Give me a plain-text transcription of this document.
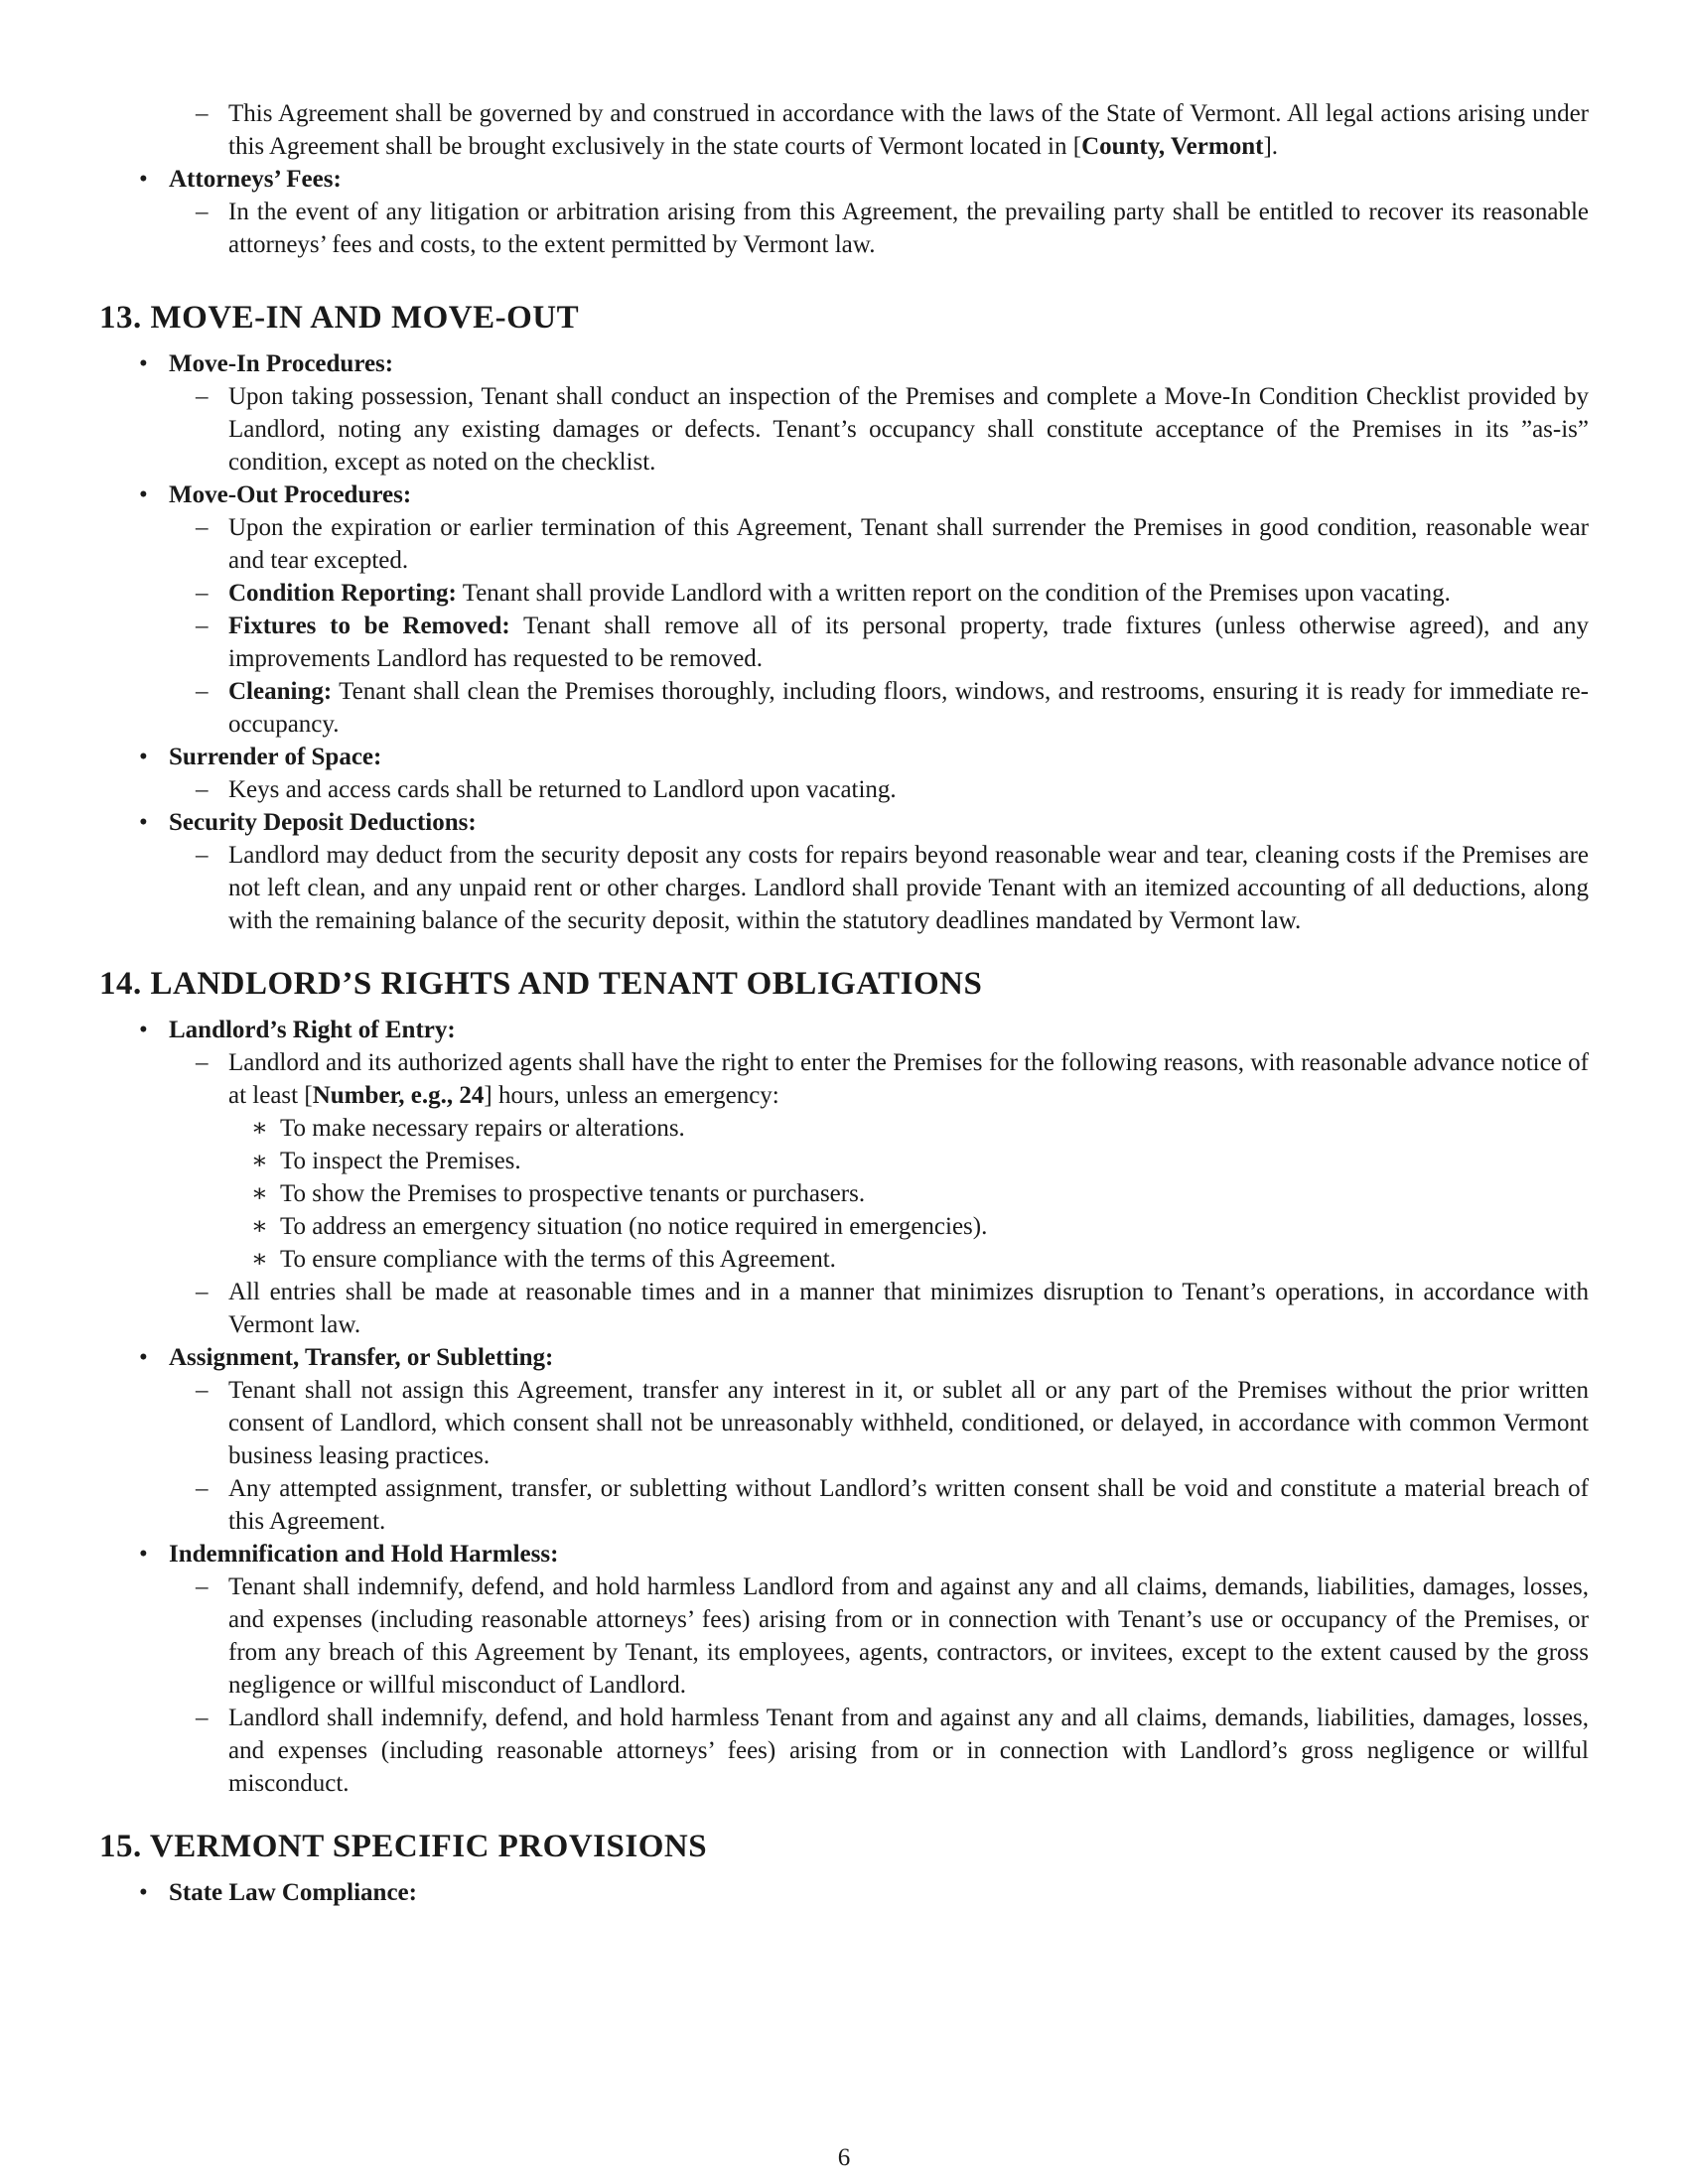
– This Agreement shall be governed by and construed in accordance with the laws of the State of Vermont. All legal actions arising under this Agreement shall be brought exclusively in the state courts of Vermont located in [County, Vermont].
• Attorneys’ Fees:
– In the event of any litigation or arbitration arising from this Agreement, the prevailing party shall be entitled to recover its reasonable attorneys’ fees and costs, to the extent permitted by Vermont law.
13. MOVE-IN AND MOVE-OUT
• Move-In Procedures:
– Upon taking possession, Tenant shall conduct an inspection of the Premises and complete a Move-In Condition Checklist provided by Landlord, noting any existing damages or defects. Tenant’s occupancy shall constitute acceptance of the Premises in its ”as-is” condition, except as noted on the checklist.
• Move-Out Procedures:
– Upon the expiration or earlier termination of this Agreement, Tenant shall surrender the Premises in good condition, reasonable wear and tear excepted.
– Condition Reporting: Tenant shall provide Landlord with a written report on the condition of the Premises upon vacating.
– Fixtures to be Removed: Tenant shall remove all of its personal property, trade fixtures (unless otherwise agreed), and any improvements Landlord has requested to be removed.
– Cleaning: Tenant shall clean the Premises thoroughly, including floors, windows, and restrooms, ensuring it is ready for immediate re-occupancy.
• Surrender of Space:
– Keys and access cards shall be returned to Landlord upon vacating.
• Security Deposit Deductions:
– Landlord may deduct from the security deposit any costs for repairs beyond reasonable wear and tear, cleaning costs if the Premises are not left clean, and any unpaid rent or other charges. Landlord shall provide Tenant with an itemized accounting of all deductions, along with the remaining balance of the security deposit, within the statutory deadlines mandated by Vermont law.
14. LANDLORD’S RIGHTS AND TENANT OBLIGATIONS
• Landlord’s Right of Entry:
– Landlord and its authorized agents shall have the right to enter the Premises for the following reasons, with reasonable advance notice of at least [Number, e.g., 24] hours, unless an emergency:
∗ To make necessary repairs or alterations.
∗ To inspect the Premises.
∗ To show the Premises to prospective tenants or purchasers.
∗ To address an emergency situation (no notice required in emergencies).
∗ To ensure compliance with the terms of this Agreement.
– All entries shall be made at reasonable times and in a manner that minimizes disruption to Tenant’s operations, in accordance with Vermont law.
• Assignment, Transfer, or Subletting:
– Tenant shall not assign this Agreement, transfer any interest in it, or sublet all or any part of the Premises without the prior written consent of Landlord, which consent shall not be unreasonably withheld, conditioned, or delayed, in accordance with common Vermont business leasing practices.
– Any attempted assignment, transfer, or subletting without Landlord’s written consent shall be void and constitute a material breach of this Agreement.
• Indemnification and Hold Harmless:
– Tenant shall indemnify, defend, and hold harmless Landlord from and against any and all claims, demands, liabilities, damages, losses, and expenses (including reasonable attorneys’ fees) arising from or in connection with Tenant’s use or occupancy of the Premises, or from any breach of this Agreement by Tenant, its employees, agents, contractors, or invitees, except to the extent caused by the gross negligence or willful misconduct of Landlord.
– Landlord shall indemnify, defend, and hold harmless Tenant from and against any and all claims, demands, liabilities, damages, losses, and expenses (including reasonable attorneys’ fees) arising from or in connection with Landlord’s gross negligence or willful misconduct.
15. VERMONT SPECIFIC PROVISIONS
• State Law Compliance:
6
